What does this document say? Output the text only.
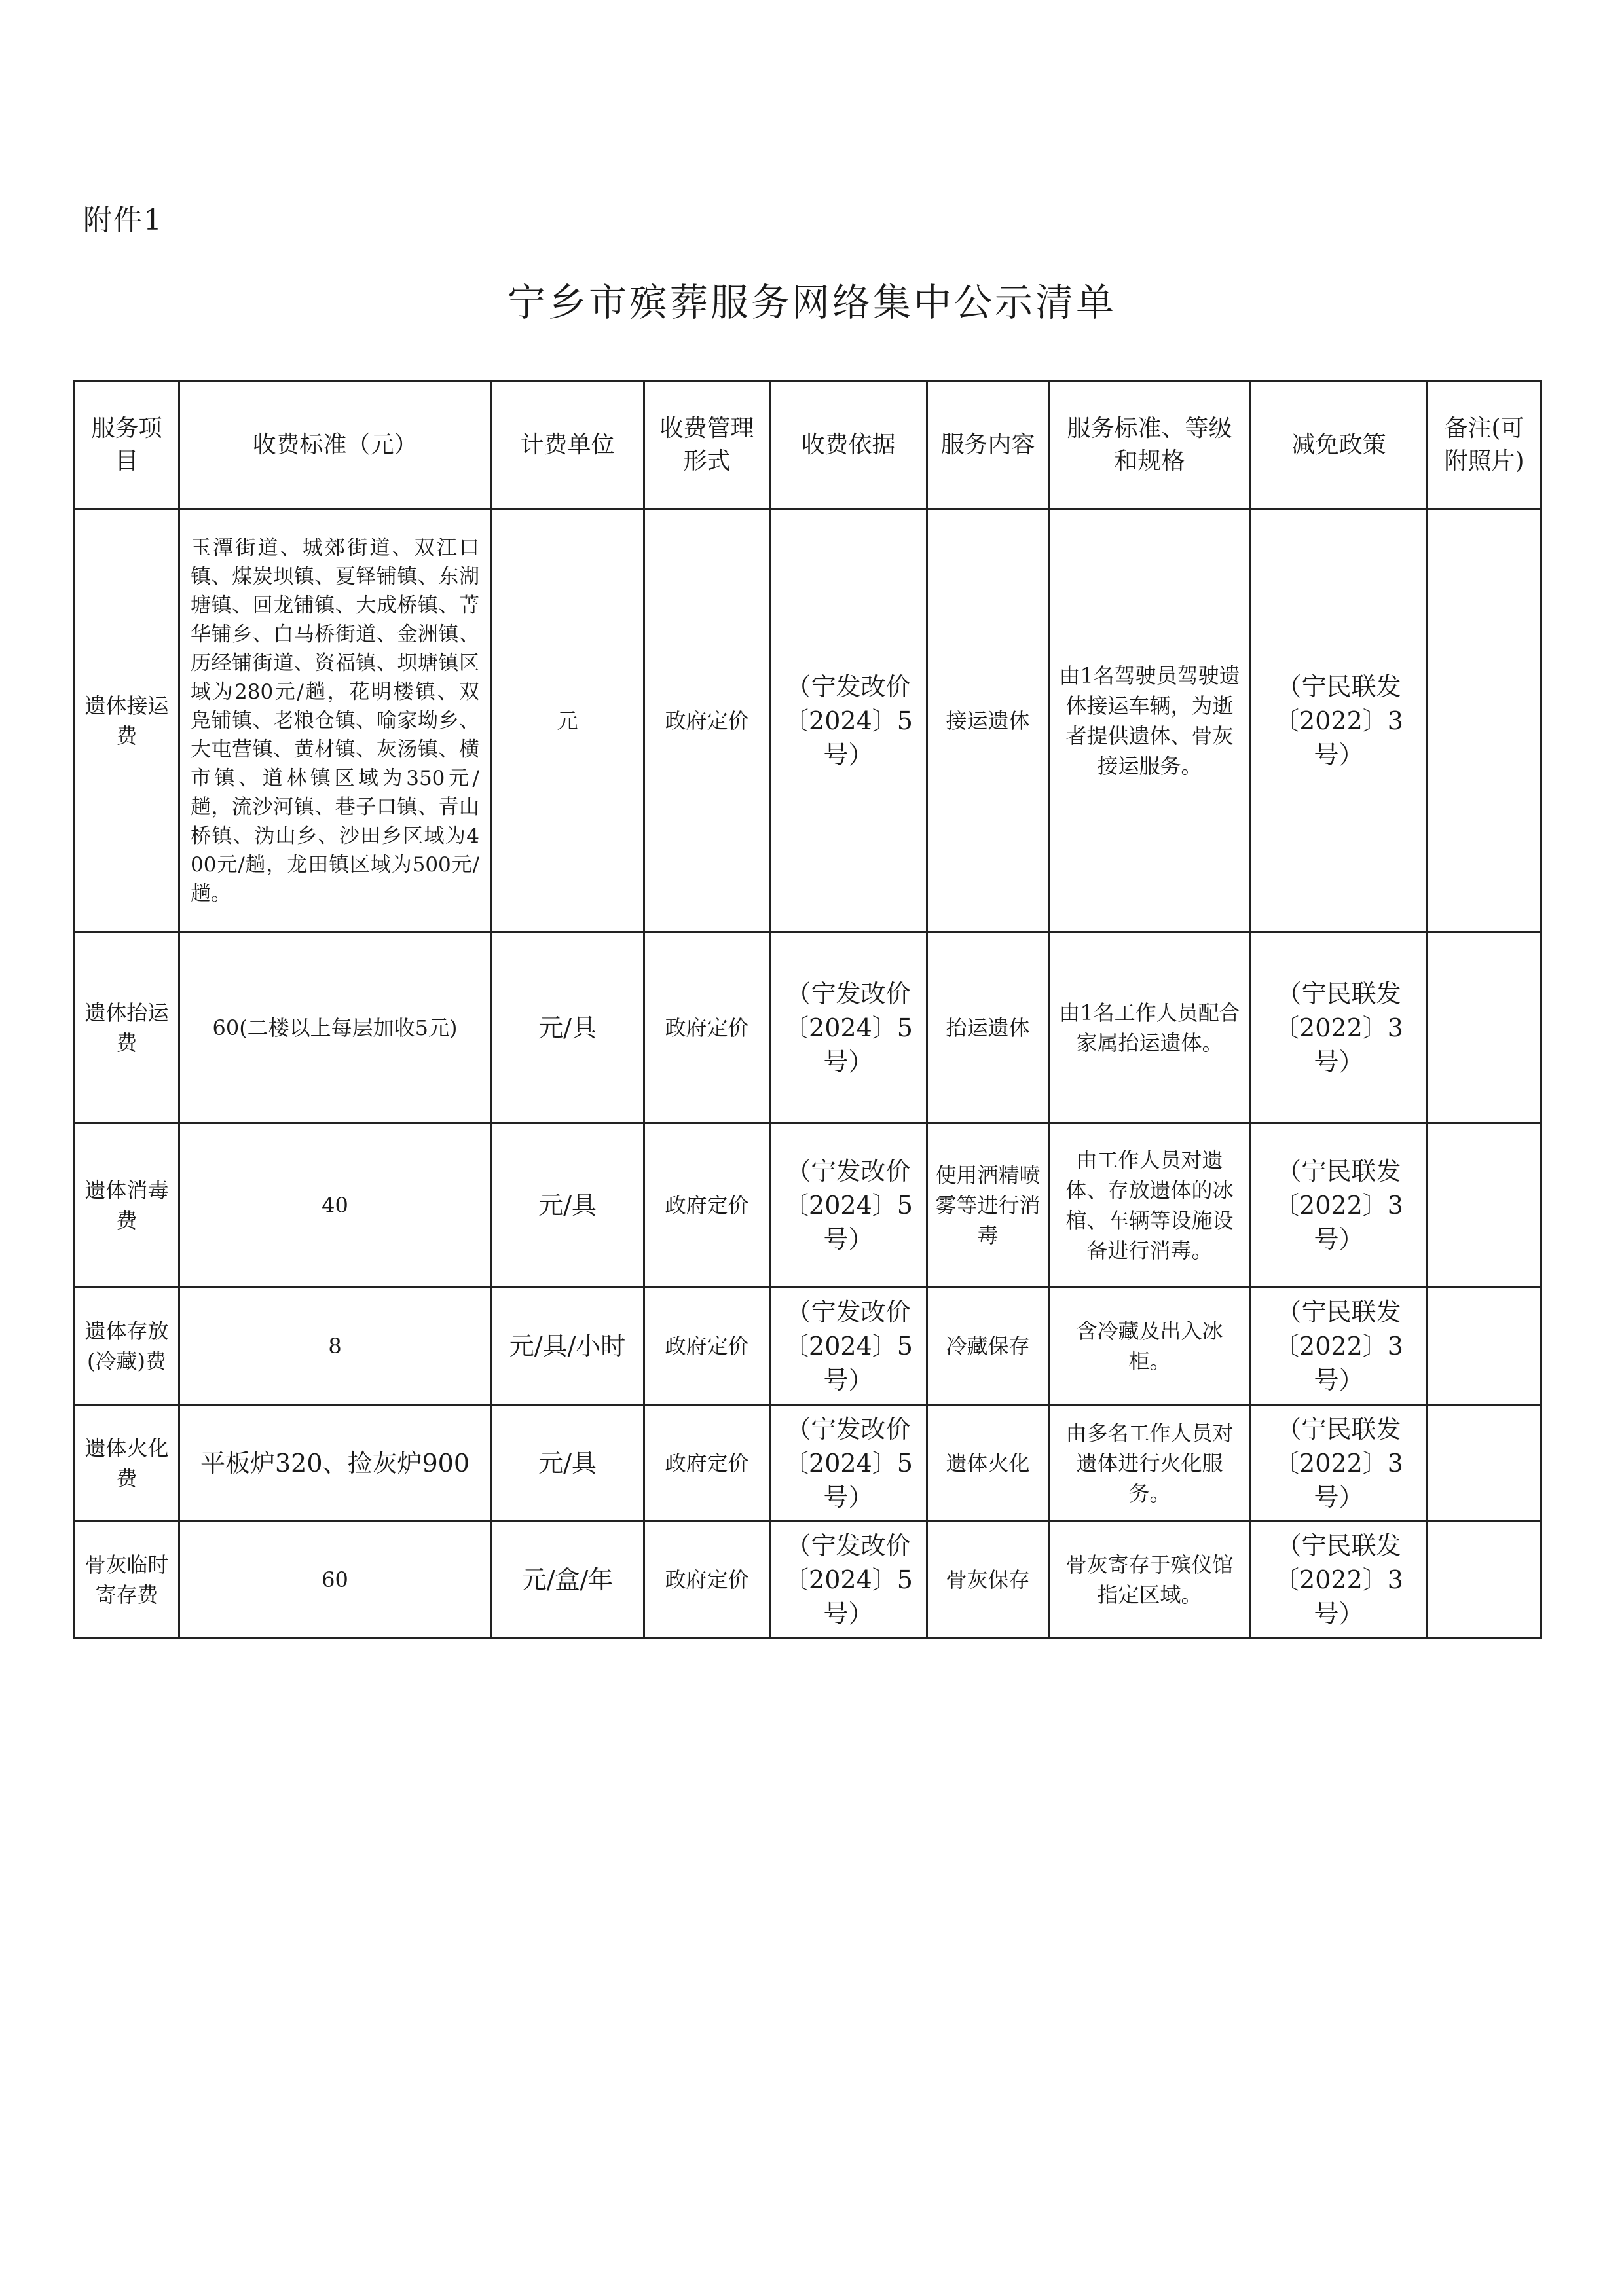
附件1
宁乡市殡葬服务网络集中公示清单
服务项目	收费标准（元）	计费单位	收费管理形式	收费依据	服务内容	服务标准、等级和规格	减免政策	备注(可附照片)
遗体接运费	玉潭街道、城郊街道、双江口镇、煤炭坝镇、夏铎铺镇、东湖塘镇、回龙铺镇、大成桥镇、菁华铺乡、白马桥街道、金洲镇、历经铺街道、资福镇、坝塘镇区域为280元/趟，花明楼镇、双凫铺镇、老粮仓镇、喻家坳乡、大屯营镇、黄材镇、灰汤镇、横市镇、道林镇区域为350元/趟，流沙河镇、巷子口镇、青山桥镇、沩山乡、沙田乡区域为400元/趟，龙田镇区域为500元/趟。	元	政府定价	（宁发改价〔2024〕5号）	接运遗体	由1名驾驶员驾驶遗体接运车辆，为逝者提供遗体、骨灰接运服务。	（宁民联发〔2022〕3号）	
遗体抬运费	60(二楼以上每层加收5元)	元/具	政府定价	（宁发改价〔2024〕5号）	抬运遗体	由1名工作人员配合家属抬运遗体。	（宁民联发〔2022〕3号）	
遗体消毒费	40	元/具	政府定价	（宁发改价〔2024〕5号）	使用酒精喷雾等进行消毒	由工作人员对遗体、存放遗体的冰棺、车辆等设施设备进行消毒。	（宁民联发〔2022〕3号）	
遗体存放(冷藏)费	8	元/具/小时	政府定价	（宁发改价〔2024〕5号）	冷藏保存	含冷藏及出入冰柜。	（宁民联发〔2022〕3号）	
遗体火化费	平板炉320、捡灰炉900	元/具	政府定价	（宁发改价〔2024〕5号）	遗体火化	由多名工作人员对遗体进行火化服务。	（宁民联发〔2022〕3号）	
骨灰临时寄存费	60	元/盒/年	政府定价	（宁发改价〔2024〕5号）	骨灰保存	骨灰寄存于殡仪馆指定区域。	（宁民联发〔2022〕3号）	
